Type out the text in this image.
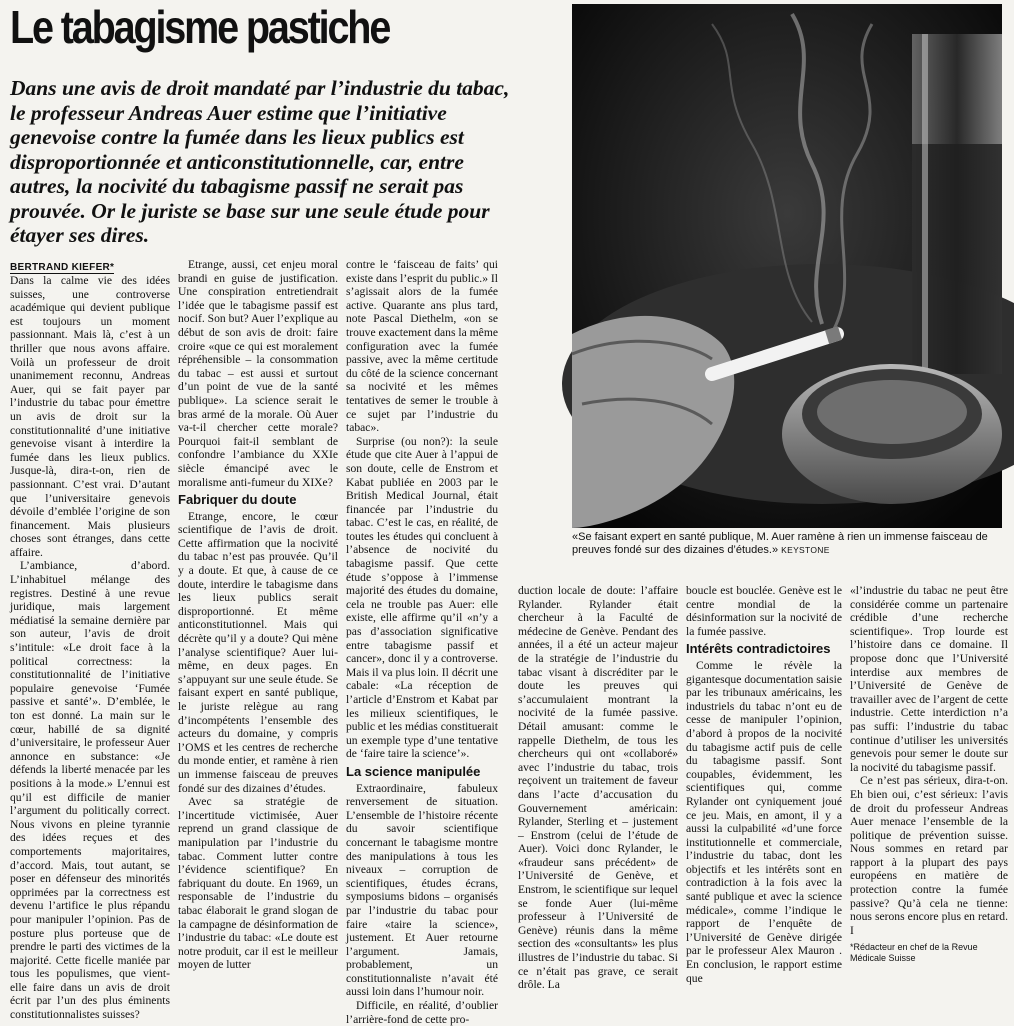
Le tabagisme pastiche
Dans une avis de droit mandaté par l’industrie du tabac, le professeur Andreas Auer estime que l’initiative genevoise contre la fumée dans les lieux publics est disproportionnée et anticonstitutionnelle, car, entre autres, la nocivité du tabagisme passif ne serait pas prouvée. Or le juriste se base sur une seule étude pour étayer ses dires.
BERTRAND KIEFER*

Dans la calme vie des idées suisses, une controverse académique qui devient publique est toujours un moment passionnant. Mais là, c’est à un thriller que nous avons affaire. Voilà un professeur de droit unanimement reconnu, Andreas Auer, qui se fait payer par l’industrie du tabac pour émettre un avis de droit sur la constitutionnalité d’une initiative genevoise visant à interdire la fumée dans les lieux publics. Jusque-là, dira-t-on, rien de passionnant. C’est vrai. D’autant que l’universitaire genevois dévoile d’emblée l’origine de son financement. Mais plusieurs choses sont étranges, dans cette affaire.

L’ambiance, d’abord. L’inhabituel mélange des registres. Destiné à une revue juridique, mais largement médiatisé la semaine dernière par son auteur, l’avis de droit s’intitule: «Le droit face à la political correctness: la constitutionnalité de l’initiative populaire genevoise ‘Fumée passive et santé’». D’emblée, le ton est donné. La main sur le cœur, habillé de sa dignité d’universitaire, le professeur Auer annonce en substance: «Je défends la liberté menacée par les positions à la mode.» L’ennui est qu’il est difficile de manier l’argument du politically correct. Nous vivons en pleine tyrannie des idées reçues et des comportements majoritaires, d’accord. Mais, tout autant, se poser en défenseur des minorités opprimées par la correctness est devenu l’artifice le plus répandu pour manipuler l’opinion. Pas de posture plus porteuse que de prendre le parti des victimes de la majorité. Cette ficelle maniée par tous les populismes, que vient-elle faire dans un avis de droit écrit par l’un des plus éminents constitutionnalistes suisses?

Etrange, aussi, cet enjeu moral brandi en guise de justification. Une conspiration entretiendrait l’idée que le tabagisme passif est nocif. Son but? Auer l’explique au début de son avis de droit: faire croire «que ce qui est moralement répréhensible – la consommation du tabac – est aussi et surtout d’un point de vue de la santé publique». La science serait le bras armé de la morale. Où Auer va-t-il chercher cette morale? Pourquoi fait-il semblant de confondre l’ambiance du XXIe siècle émancipé avec le moralisme anti-fumeur du XIXe?

Fabriquer du doute

Etrange, encore, le cœur scientifique de l’avis de droit. Cette affirmation que la nocivité du tabac n’est pas prouvée. Qu’il y a doute. Et que, à cause de ce doute, interdire le tabagisme dans les lieux publics serait disproportionné. Et même anticonstitutionnel. Mais qui décrète qu’il y a doute? Qui mène l’analyse scientifique? Auer lui-même, en deux pages. En s’appuyant sur une seule étude. Se faisant expert en santé publique, le juriste relègue au rang d’incompétents l’ensemble des acteurs du domaine, y compris l’OMS et les centres de recherche du monde entier, et ramène à rien un immense faisceau de preuves fondé sur des dizaines d’études.

Avec sa stratégie de l’incertitude victimisée, Auer reprend un grand classique de manipulation par l’industrie du tabac. Comment lutter contre l’évidence scientifique? En fabriquant du doute. En 1969, un responsable de l’industrie du tabac élaborait le grand slogan de la campagne de désinformation de l’industrie du tabac: «Le doute est notre produit, car il est le meilleur moyen de lutter

contre le ‘faisceau de faits’ qui existe dans l’esprit du public.» Il s’agissait alors de la fumée active. Quarante ans plus tard, note Pascal Diethelm, «on se trouve exactement dans la même configuration avec la fumée passive, avec la même certitude du côté de la science concernant sa nocivité et les mêmes tentatives de semer le trouble à ce sujet par l’industrie du tabac».

Surprise (ou non?): la seule étude que cite Auer à l’appui de son doute, celle de Enstrom et Kabat publiée en 2003 par le British Medical Journal, était financée par l’industrie du tabac. C’est le cas, en réalité, de toutes les études qui concluent à l’absence de nocivité du tabagisme passif. Que cette étude s’oppose à l’immense majorité des études du domaine, cela ne trouble pas Auer: elle existe, elle affirme qu’il «n’y a pas d’association significative entre tabagisme passif et cancer», donc il y a controverse. Mais il va plus loin. Il décrit une cabale: «La réception de l’article d’Enstrom et Kabat par les milieux scientifiques, le public et les médias constituerait un exemple type d’une tentative de ‘faire taire la science’».

La science manipulée

Extraordinaire, fabuleux renversement de situation. L’ensemble de l’histoire récente du savoir scientifique concernant le tabagisme montre des manipulations à tous les niveaux – corruption de scientifiques, études écrans, symposiums bidons – organisés par l’industrie du tabac pour faire «taire la science», justement. Et Auer retourne l’argument. Jamais, probablement, un constitutionnaliste n’avait été aussi loin dans l’humour noir.

Difficile, en réalité, d’oublier l’arrière-fond de cette pro-

«Se faisant expert en santé publique, M. Auer ramène à rien un immense faisceau de preuves fondé sur des dizaines d’études.» KEYSTONE

duction locale de doute: l’affaire Rylander. Rylander était chercheur à la Faculté de médecine de Genève. Pendant des années, il a été un acteur majeur de la stratégie de l’industrie du tabac visant à discréditer par le doute les preuves qui s’accumulaient montrant la nocivité de la fumée passive. Détail amusant: comme le rappelle Diethelm, de tous les chercheurs qui ont «collaboré» avec l’industrie du tabac, trois reçoivent un traitement de faveur dans l’acte d’accusation du Gouvernement américain: Rylander, Sterling et – justement – Enstrom (celui de l’étude de Auer). Voici donc Rylander, le «fraudeur sans précédent» de l’Université de Genève, et Enstrom, le scientifique sur lequel se fonde Auer (lui-même professeur à l’Université de Genève) réunis dans la même section des «consultants» les plus illustres de l’industrie du tabac. Si ce n’était pas grave, ce serait drôle. La

boucle est bouclée. Genève est le centre mondial de la désinformation sur la nocivité de la fumée passive.

Intérêts contradictoires

Comme le révèle la gigantesque documentation saisie par les tribunaux américains, les industriels du tabac n’ont eu de cesse de manipuler l’opinion, d’abord à propos de la nocivité du tabagisme actif puis de celle du tabagisme passif. Sont coupables, évidemment, les scientifiques qui, comme Rylander ont cyniquement joué ce jeu. Mais, en amont, il y a aussi la culpabilité «d’une force institutionnelle et commerciale, l’industrie du tabac, dont les objectifs et les intérêts sont en contradiction à la fois avec la santé publique et avec la science médicale», comme l’indique le rapport de l’enquête de l’Université de Genève dirigée par le professeur Alex Mauron . En conclusion, le rapport estime que

«l’industrie du tabac ne peut être considérée comme un partenaire crédible d’une recherche scientifique». Trop lourde est l’histoire dans ce domaine. Il propose donc que l’Université interdise aux membres de l’Université de Genève de travailler avec de l’argent de cette industrie. Cette interdiction n’a pas suffi: l’industrie du tabac continue d’utiliser les universités genevois pour semer le doute sur la nocivité du tabagisme passif.

Ce n’est pas sérieux, dira-t-on. Eh bien oui, c’est sérieux: l’avis de droit du professeur Andreas Auer menace l’ensemble de la politique de prévention suisse. Nous sommes en retard par rapport à la plupart des pays européens en matière de protection contre la fumée passive? Qu’à cela ne tienne: nous serons encore plus en retard. I

*Rédacteur en chef de la Revue Médicale Suisse
